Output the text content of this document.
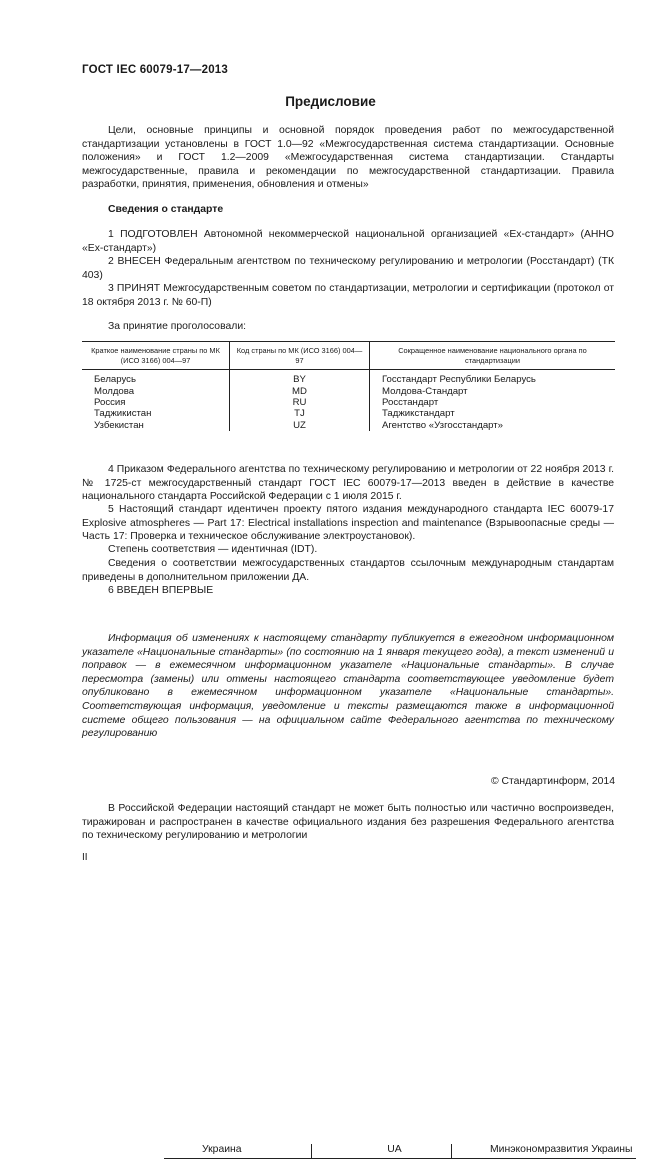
ГОСТ IEC 60079-17—2013
Предисловие
Цели, основные принципы и основной порядок проведения работ по межгосударственной стандартизации установлены в ГОСТ 1.0—92 «Межгосударственная система стандартизации. Основные положения» и ГОСТ 1.2—2009 «Межгосударственная система стандартизации. Стандарты межгосударственные, правила и рекомендации по межгосударственной стандартизации. Правила разработки, принятия, применения, обновления и отмены»
Сведения о стандарте
1 ПОДГОТОВЛЕН Автономной некоммерческой национальной организацией «Ex-стандарт» (АННО «Ex-стандарт»)
2 ВНЕСЕН Федеральным агентством по техническому регулированию и метрологии (Росстандарт) (ТК 403)
3 ПРИНЯТ Межгосударственным советом по стандартизации, метрологии и сертификации (протокол от 18 октября 2013 г. № 60-П)
За принятие проголосовали:
Краткое наименование страны по МК (ИСО 3166) 004—97	Код страны по МК (ИСО 3166) 004—97	Сокращенное наименование национального органа по стандартизации
Беларусь	BY	Госстандарт Республики Беларусь
Молдова	MD	Молдова-Стандарт
Россия	RU	Росстандарт
Таджикистан	TJ	Таджикстандарт
Узбекистан	UZ	Агентство «Узгосстандарт»

Украина	UA	Минэкономразвития Украины
4 Приказом Федерального агентства по техническому регулированию и метрологии от 22 ноября 2013 г. № 1725-ст межгосударственный стандарт ГОСТ IEC 60079-17—2013 введен в действие в качестве национального стандарта Российской Федерации с 1 июля 2015 г.
5 Настоящий стандарт идентичен проекту пятого издания международного стандарта IEC 60079-17 Explosive atmospheres — Part 17: Electrical installations inspection and maintenance (Взрывоопасные среды — Часть 17: Проверка и техническое обслуживание электроустановок).
Степень соответствия — идентичная (IDT).
Сведения о соответствии межгосударственных стандартов ссылочным международным стандартам приведены в дополнительном приложении ДА.
6 ВВЕДЕН ВПЕРВЫЕ
Информация об изменениях к настоящему стандарту публикуется в ежегодном информационном указателе «Национальные стандарты» (по состоянию на 1 января текущего года), а текст изменений и поправок — в ежемесячном информационном указателе «Национальные стандарты». В случае пересмотра (замены) или отмены настоящего стандарта соответствующее уведомление будет опубликовано в ежемесячном информационном указателе «Национальные стандарты». Соответствующая информация, уведомление и тексты размещаются также в информационной системе общего пользования — на официальном сайте Федерального агентства по техническому регулированию
© Стандартинформ, 2014
В Российской Федерации настоящий стандарт не может быть полностью или частично воспроизведен, тиражирован и распространен в качестве официального издания без разрешения Федерального агентства по техническому регулированию и метрологии
II
